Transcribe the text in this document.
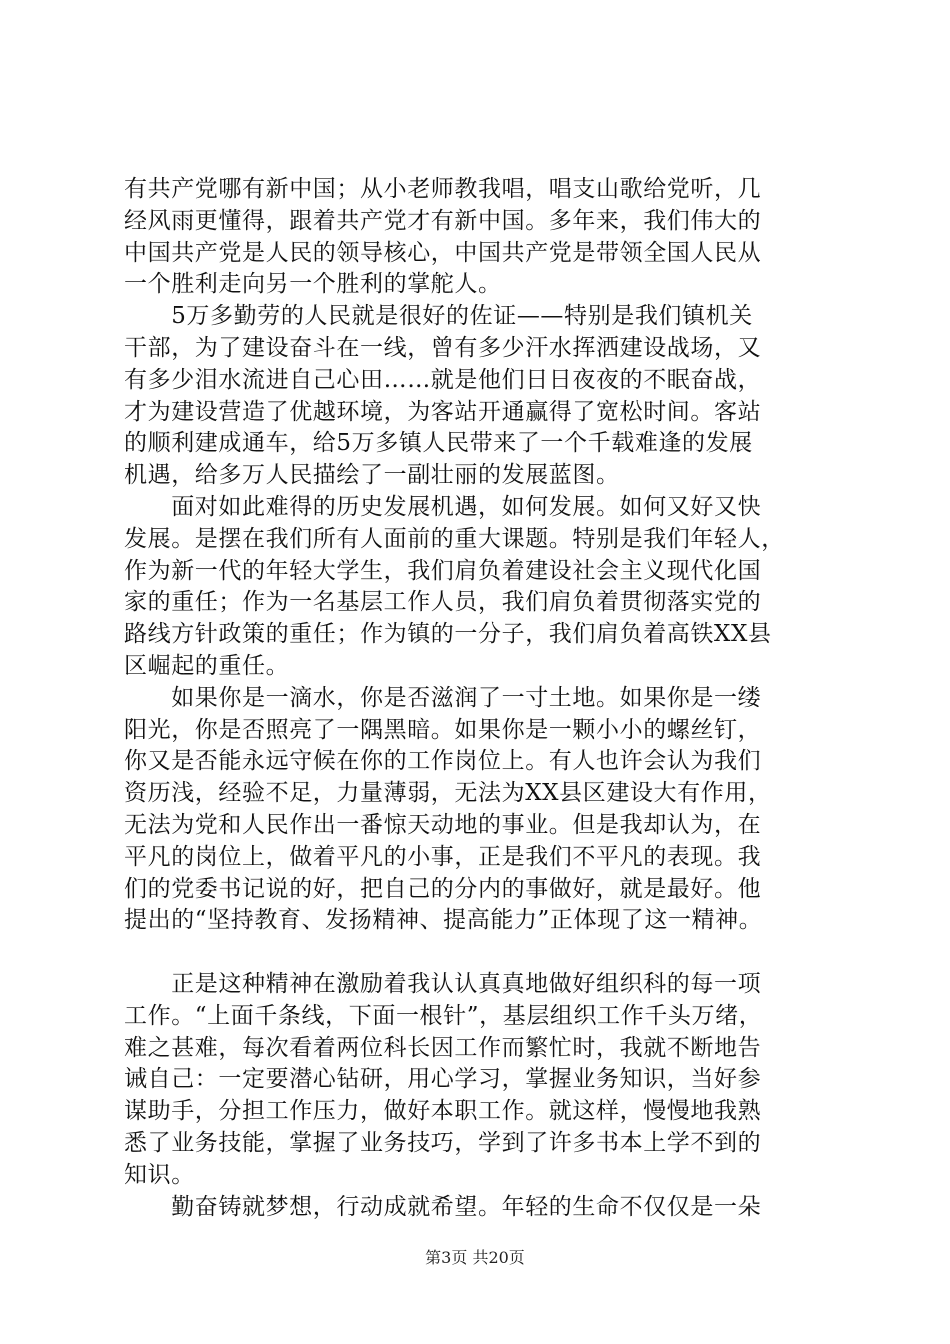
有共产党哪有新中国；从小老师教我唱，唱支山歌给党听，几
经风雨更懂得，跟着共产党才有新中国。多年来，我们伟大的
中国共产党是人民的领导核心，中国共产党是带领全国人民从
一个胜利走向另一个胜利的掌舵人。
　　5万多勤劳的人民就是很好的佐证——特别是我们镇机关
干部，为了建设奋斗在一线，曾有多少汗水挥洒建设战场，又
有多少泪水流进自己心田……就是他们日日夜夜的不眠奋战，
才为建设营造了优越环境，为客站开通赢得了宽松时间。客站
的顺利建成通车，给5万多镇人民带来了一个千载难逢的发展
机遇，给多万人民描绘了一副壮丽的发展蓝图。
　　面对如此难得的历史发展机遇，如何发展。如何又好又快
发展。是摆在我们所有人面前的重大课题。特别是我们年轻人，
作为新一代的年轻大学生，我们肩负着建设社会主义现代化国
家的重任；作为一名基层工作人员，我们肩负着贯彻落实党的
路线方针政策的重任；作为镇的一分子，我们肩负着高铁XX县
区崛起的重任。
　　如果你是一滴水，你是否滋润了一寸土地。如果你是一缕
阳光，你是否照亮了一隅黑暗。如果你是一颗小小的螺丝钉，
你又是否能永远守候在你的工作岗位上。有人也许会认为我们
资历浅，经验不足，力量薄弱，无法为XX县区建设大有作用，
无法为党和人民作出一番惊天动地的事业。但是我却认为，在
平凡的岗位上，做着平凡的小事，正是我们不平凡的表现。我
们的党委书记说的好，把自己的分内的事做好，就是最好。他
提出的“坚持教育、发扬精神、提高能力”正体现了这一精神。
　　正是这种精神在激励着我认认真真地做好组织科的每一项
工作。“上面千条线，下面一根针”，基层组织工作千头万绪，
难之甚难，每次看着两位科长因工作而繁忙时，我就不断地告
诫自己：一定要潜心钻研，用心学习，掌握业务知识，当好参
谋助手，分担工作压力，做好本职工作。就这样，慢慢地我熟
悉了业务技能，掌握了业务技巧，学到了许多书本上学不到的
知识。
　　勤奋铸就梦想，行动成就希望。年轻的生命不仅仅是一朵
第3页 共20页
